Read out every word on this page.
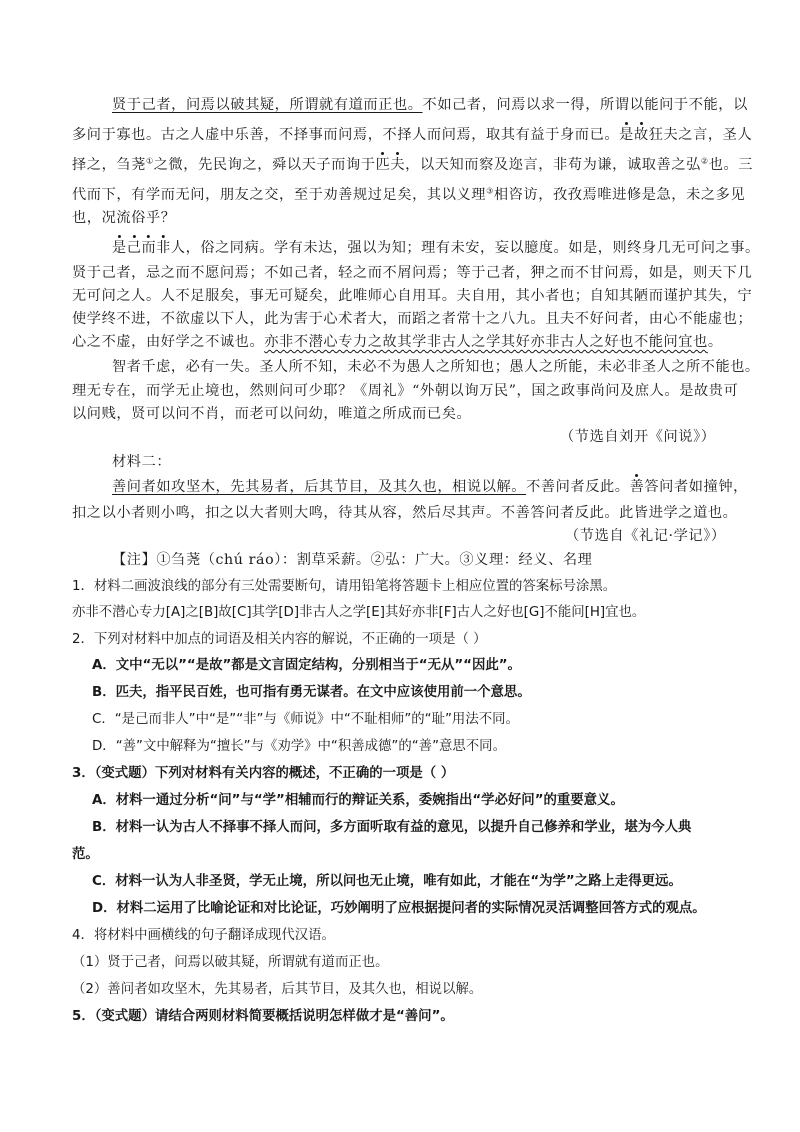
贤于己者，问焉以破其疑，所谓就有道而正也。不如己者，问焉以求一得，所谓以能问于不能，以
多问于寡也。古之人虚中乐善，不择事而问焉，不择人而问焉，取其有益于身而已。是故狂夫之言，圣人
择之，刍荛①之微，先民询之，舜以天子而询于匹夫，以天知而察及迩言，非苟为谦，诚取善之弘②也。三
代而下，有学而无问，朋友之交，至于劝善规过足矣，其以义理③相咨访，孜孜焉唯进修是急，未之多见
也，况流俗乎？
是己而非人，俗之同病。学有未达，强以为知；理有未安，妄以臆度。如是，则终身几无可问之事。
贤于己者，忌之而不愿问焉；不如己者，轻之而不屑问焉；等于己者，狎之而不甘问焉，如是，则天下几
无可问之人。人不足服矣，事无可疑矣，此唯师心自用耳。夫自用，其小者也；自知其陋而谨护其失，宁
使学终不进，不欲虚以下人，此为害于心术者大，而蹈之者常十之八九。且夫不好问者，由心不能虚也；
心之不虚，由好学之不诚也。亦非不潜心专力之故其学非古人之学其好亦非古人之好也不能问宜也。
智者千虑，必有一失。圣人所不知，未必不为愚人之所知也；愚人之所能，未必非圣人之所不能也。
理无专在，而学无止境也，然则问可少耶？《周礼》“外朝以询万民”，国之政事尚问及庶人。是故贵可
以问贱，贤可以问不肖，而老可以问幼，唯道之所成而已矣。
（节选自刘开《问说》）
材料二：
善问者如攻坚木，先其易者，后其节目，及其久也，相说以解。不善问者反此。善答问者如撞钟，
扣之以小者则小鸣，扣之以大者则大鸣，待其从容，然后尽其声。不善答问者反此。此皆进学之道也。
（节选自《礼记·学记》）
【注】①刍荛（chú ráo）：割草采薪。②弘：广大。③义理：经义、名理
1．材料二画波浪线的部分有三处需要断句，请用铅笔将答题卡上相应位置的答案标号涂黑。
亦非不潜心专力[A]之[B]故[C]其学[D]非古人之学[E]其好亦非[F]古人之好也[G]不能问[H]宜也。
2．下列对材料中加点的词语及相关内容的解说，不正确的一项是（ ）
A．文中“无以”“是故”都是文言固定结构，分别相当于“无从”“因此”。
B．匹夫，指平民百姓，也可指有勇无谋者。在文中应该使用前一个意思。
C．“是己而非人”中“是”“非”与《师说》中“不耻相师”的“耻”用法不同。
D．“善”文中解释为“擅长”与《劝学》中“积善成德”的“善”意思不同。
3．（变式题）下列对材料有关内容的概述，不正确的一项是（ ）
A．材料一通过分析“问”与“学”相辅而行的辩证关系，委婉指出“学必好问”的重要意义。
B．材料一认为古人不择事不择人而问，多方面听取有益的意见，以提升自己修养和学业，堪为今人典
范。
C．材料一认为人非圣贤，学无止境，所以问也无止境，唯有如此，才能在“为学”之路上走得更远。
D．材料二运用了比喻论证和对比论证，巧妙阐明了应根据提问者的实际情况灵活调整回答方式的观点。
4．将材料中画横线的句子翻译成现代汉语。
（1）贤于己者，问焉以破其疑，所谓就有道而正也。
（2）善问者如攻坚木，先其易者，后其节目，及其久也，相说以解。
5．（变式题）请结合两则材料简要概括说明怎样做才是“善问”。
